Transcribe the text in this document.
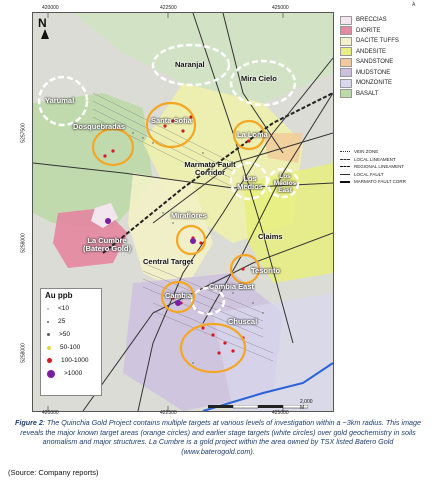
Á
N
Naranjal
Mira Cielo
Yarumal
Dosquebradas
Santa Sofia
La Loma
Marmato Fault Corridor
Los Medios
Los Medios East
Miraflores
La Cumbre (Batero Gold)
Claims
Central Target
Tesorito
Cambia
Cambia East
Chuscal
2,000 M
420000	422500	425000
420000	422500	425000
5257500
5258000
5258000
BRECCIAS
DIORITE
DACITE TUFFS
ANDESITE
SANDSTONE
MUDSTONE
MONZONITE
BASALT
VEIN ZONE
LOCAL LINEAMENT
REGIONAL LINEAMENT
LOCAL FAULT
MARMATO FAULT CORR
Au ppb
<10
25
>50
50-100
100-1000
>1000
Figure 2: The Quinchia Gold Project contains multiple targets at various levels of investigation within a ~3km radius. This image reveals the major known target areas (orange circles) and earlier stage targets (white circles) over gold geochemistry in soils anomalism and major structures. La Cumbre is a gold project within the area owned by TSX listed Batero Gold (www.baterogold.com).
(Source: Company reports)
